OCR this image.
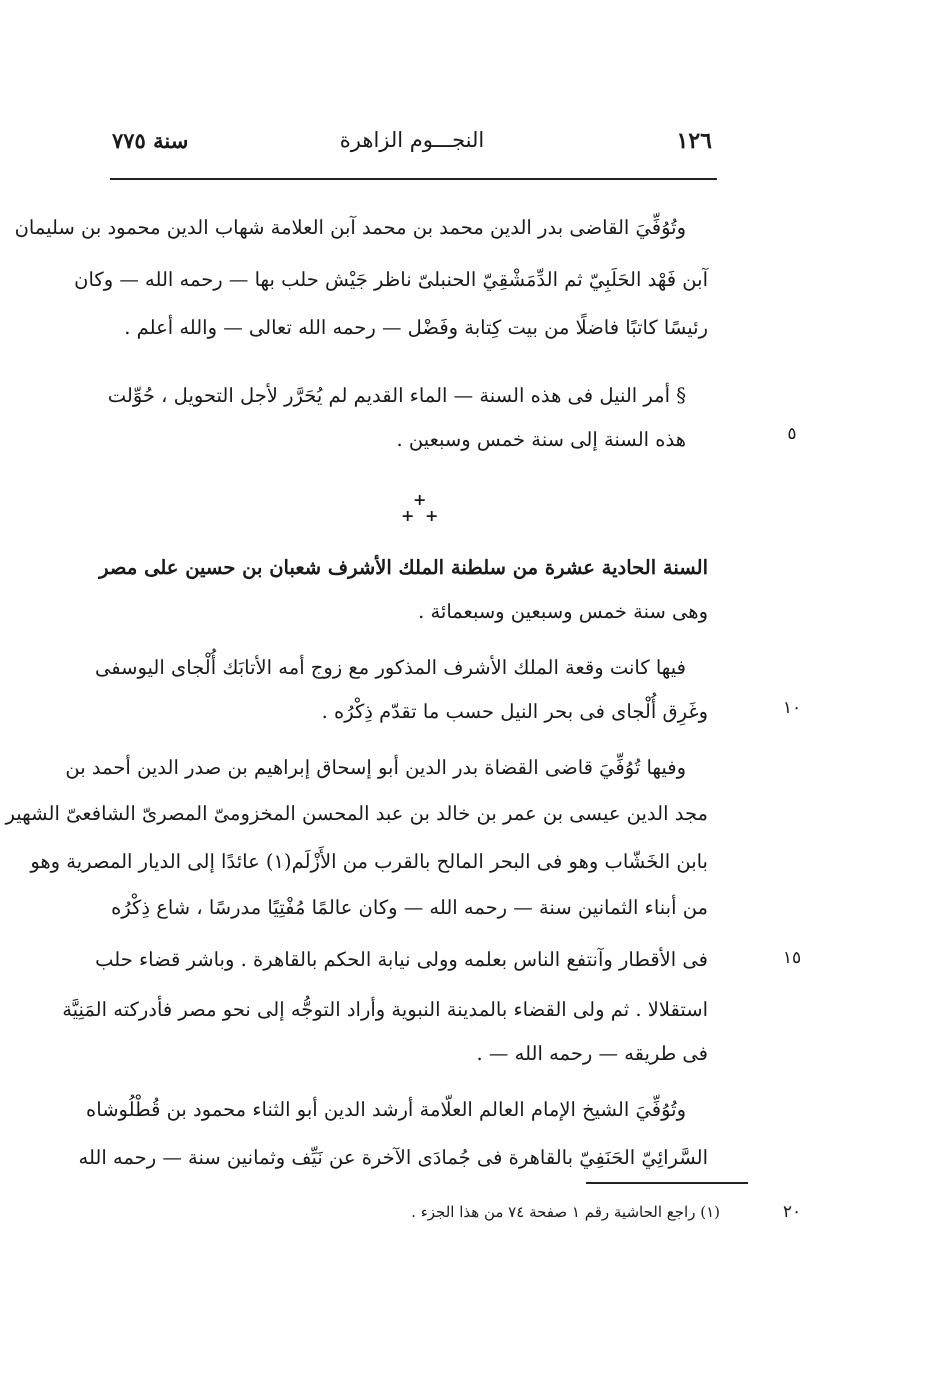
١٢٦
النجـــوم الزاهرة
سنة ٧٧٥
وتُوُفِّيَ القاضى بدر الدين محمد بن محمد آبن العلامة شهاب الدين محمود بن سليمان
آبن فَهْد الحَلَبِيّ ثم الدِّمَشْقِيّ الحنبلىّ ناظر جَيْش حلب بها — رحمه الله — وكان
رئيسًا كاتبًا فاضلًا من بيت كِتابة وفَضْل — رحمه الله تعالى — والله أعلم .
§ أمر النيل فى هذه السنة — الماء القديم لم يُحَرَّر لأجل التحويل ، حُوِّلت
هذه السنة إلى سنة خمس وسبعين .	٥
+
+ +
السنة الحادية عشرة من سلطنة الملك الأشرف شعبان بن حسين على مصر
وهى سنة خمس وسبعين وسبعمائة .
فيها كانت وقعة الملك الأشرف المذكور مع زوج أمه الأتابَك أُلْجاى اليوسفى
وغَرِق أُلْجاى فى بحر النيل حسب ما تقدّم ذِكْرُه .	١٠
وفيها تُوُفِّيَ قاضى القضاة بدر الدين أبو إسحاق إبراهيم بن صدر الدين أحمد بن
مجد الدين عيسى بن عمر بن خالد بن عبد المحسن المخزومىّ المصرىّ الشافعىّ الشهير
بابن الخَشّاب وهو فى البحر المالح بالقرب من الأَزْلَم(١) عائدًا إلى الديار المصرية وهو
من أبناء الثمانين سنة — رحمه الله — وكان عالمًا مُفْتِيًا مدرسًا ، شاع ذِكْرُه
فى الأقطار وآنتفع الناس بعلمه وولى نيابة الحكم بالقاهرة . وباشر قضاء حلب	١٥
استقلالا . ثم ولى القضاء بالمدينة النبوية وأراد التوجُّه إلى نحو مصر فأدركته المَنِيَّة
فى طريقه — رحمه الله — .
وتُوُفِّيَ الشيخ الإمام العالم العلّامة أرشد الدين أبو الثناء محمود بن قُطْلُوشاه
السَّرائِيّ الحَنَفِيّ بالقاهرة فى جُمادَى الآخرة عن نَيِّف وثمانين سنة — رحمه الله
(١) راجع الحاشية رقم ١ صفحة ٧٤ من هذا الجزء .	٢٠
